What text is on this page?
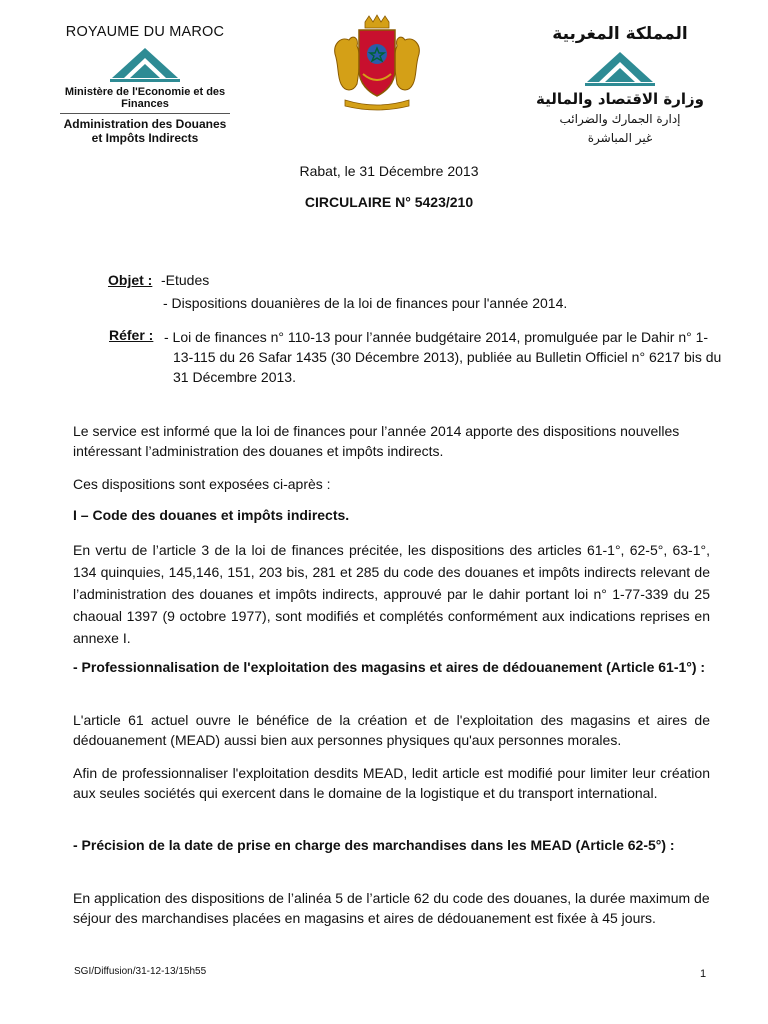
ROYAUME DU MAROC
Ministère de l'Economie et des Finances
Administration des Douanes
et Impôts Indirects
المملكة المغربية
وزارة الاقتصاد والمالية
إدارة الجمارك والضرائب
غير المباشرة
Rabat, le 31 Décembre 2013
CIRCULAIRE N° 5423/210
Objet : -Etudes
- Dispositions douanières de la loi de finances pour l'année 2014.
Réfer : - Loi de finances n° 110-13 pour l’année budgétaire 2014, promulguée par le Dahir n° 1-13-115 du 26 Safar 1435 (30 Décembre 2013), publiée au Bulletin Officiel n° 6217 bis du 31 Décembre 2013.
Le service est informé que la loi de finances pour l’année 2014 apporte des dispositions nouvelles intéressant l’administration des douanes et impôts indirects.
Ces dispositions sont exposées ci-après :
I – Code des douanes et impôts indirects.
En vertu de l’article 3 de la loi de finances précitée, les dispositions des articles 61-1°, 62-5°, 63-1°, 134 quinquies, 145,146, 151, 203 bis, 281 et 285 du code des douanes et impôts indirects relevant de l’administration des douanes et impôts indirects, approuvé par le dahir portant loi n° 1-77-339 du 25 chaoual 1397 (9 octobre 1977), sont modifiés et complétés conformément aux indications reprises en annexe I.
- Professionnalisation de l'exploitation des magasins et aires de dédouanement (Article 61-1°) :
L'article 61 actuel ouvre le bénéfice de la création et de l'exploitation des magasins et aires de dédouanement (MEAD) aussi bien aux personnes physiques qu'aux personnes morales.
Afin de professionnaliser l'exploitation desdits MEAD, ledit article est modifié pour limiter leur création aux seules sociétés qui exercent dans le domaine de la logistique et du transport international.
- Précision de la date de prise en charge des marchandises dans les MEAD (Article 62-5°) :
En application des dispositions de l’alinéa 5 de l’article 62 du code des douanes, la durée maximum de séjour des marchandises placées en magasins et aires de dédouanement est fixée à 45 jours.
SGI/Diffusion/31-12-13/15h55	1
